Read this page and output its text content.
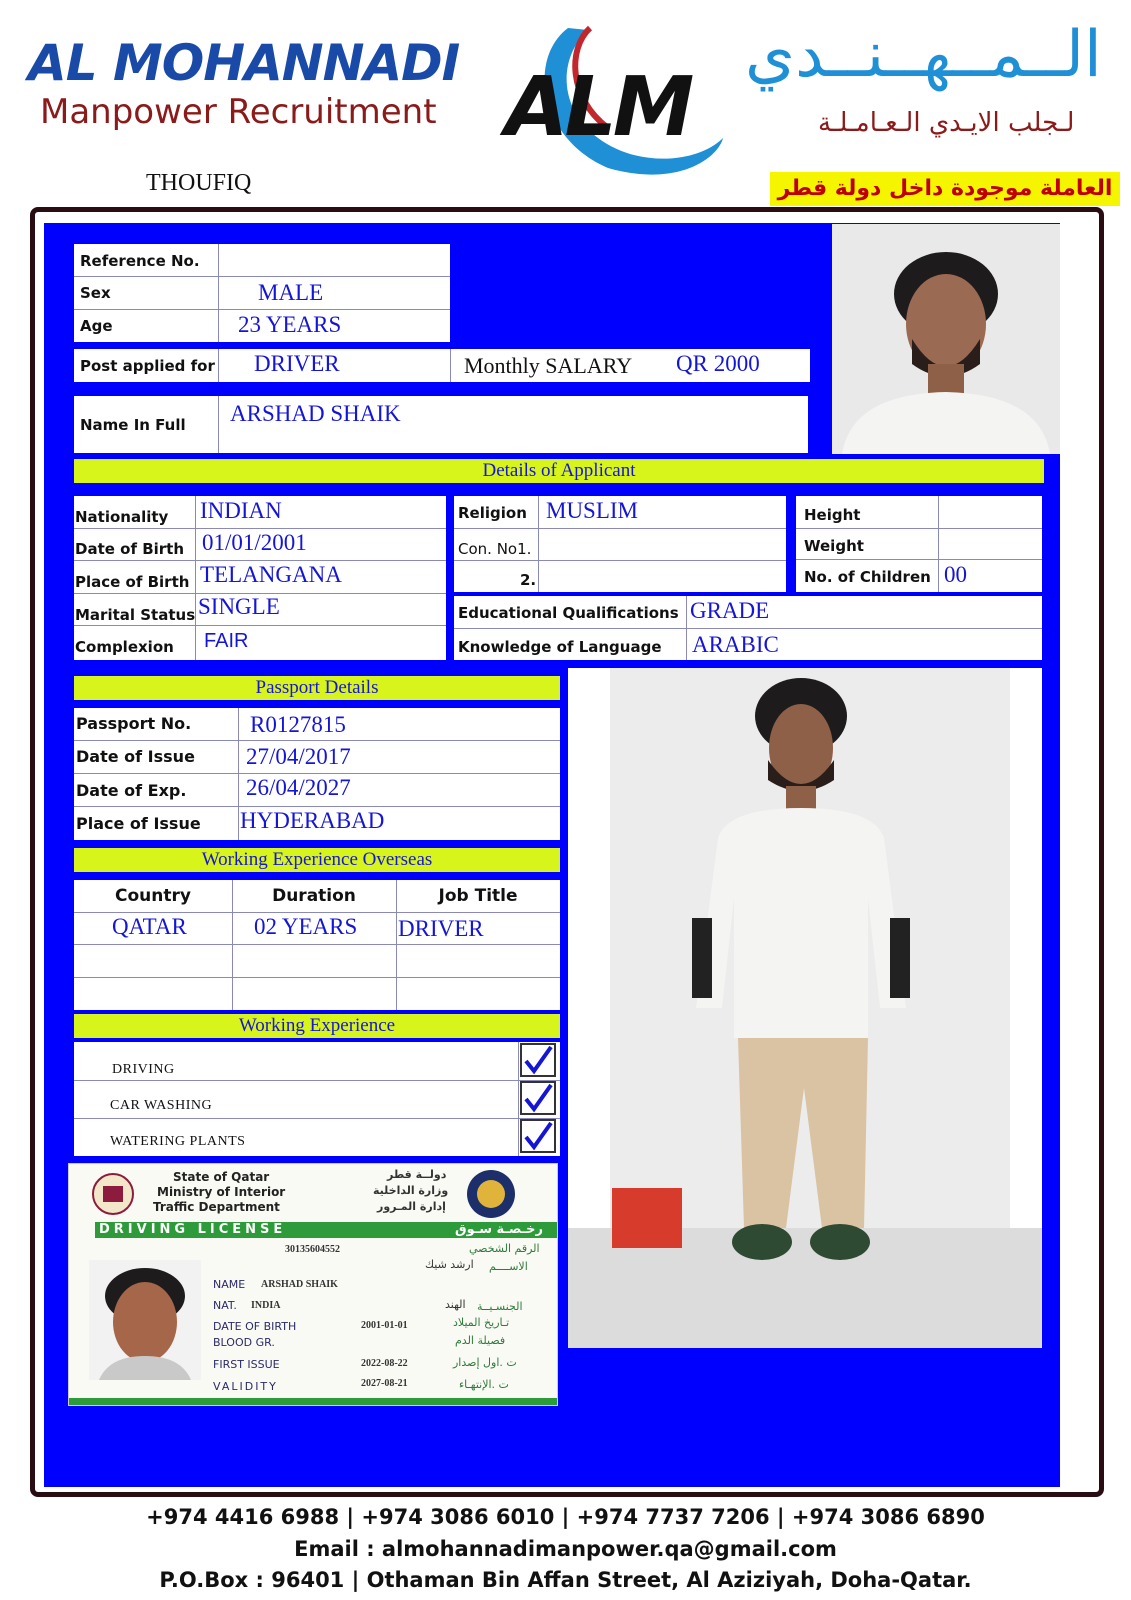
AL MOHANNADI
Manpower Recruitment ALM
الــمــهــنــدي
لـجلب الايـدي الـعـامـلـة
THOUFIQ	العاملة موجودة داخل دولة قطر
Reference No.
Sex	MALE
Age	23 YEARS
Post applied for DRIVER	Monthly SALARY QR 2000
Name In Full ARSHAD SHAIK
Details of Applicant
Nationality INDIAN
Date of Birth 01/01/2001
Place of Birth TELANGANA
Marital Status SINGLE
Complexion FAIR
Religion MUSLIM
Con. No1.
2.
Height
Weight
No. of Children 00
Educational Qualifications GRADE
Knowledge of Language ARABIC
Passport Details
Passport No.	R0127815
Date of Issue 27/04/2017
Date of Exp.	26/04/2027
Place of Issue HYDERABAD
Working Experience Overseas
Country	Duration	Job Title
QATAR	02 YEARS DRIVER
Working Experience
DRIVING
CAR WASHING
WATERING PLANTS
State of Qatar
Ministry of Interior
Traffic Department
دولــة قطر
وزارة الداخلية
إدارة المـرور
DRIVING LICENSE	رخـصـة سـوق
30135604552	الرقم الشخصي
NAME ARSHAD SHAIK
الاســــم
ارشد شيك
NAT. INDIA	الجنسـيــة
الهند
DATE OF BIRTH	2001-01-01	تـاريخ الميلاد
BLOOD GR.	فصيلة الدم
FIRST ISSUE	2022-08-22	ت .اول إصدار
VALIDITY	2027-08-21	ت .الإنتهـاء
+974 4416 6988 | +974 3086 6010 | +974 7737 7206 | +974 3086 6890
Email : almohannadimanpower.qa@gmail.com
P.O.Box : 96401 | Othaman Bin Affan Street, Al Aziziyah, Doha-Qatar.
